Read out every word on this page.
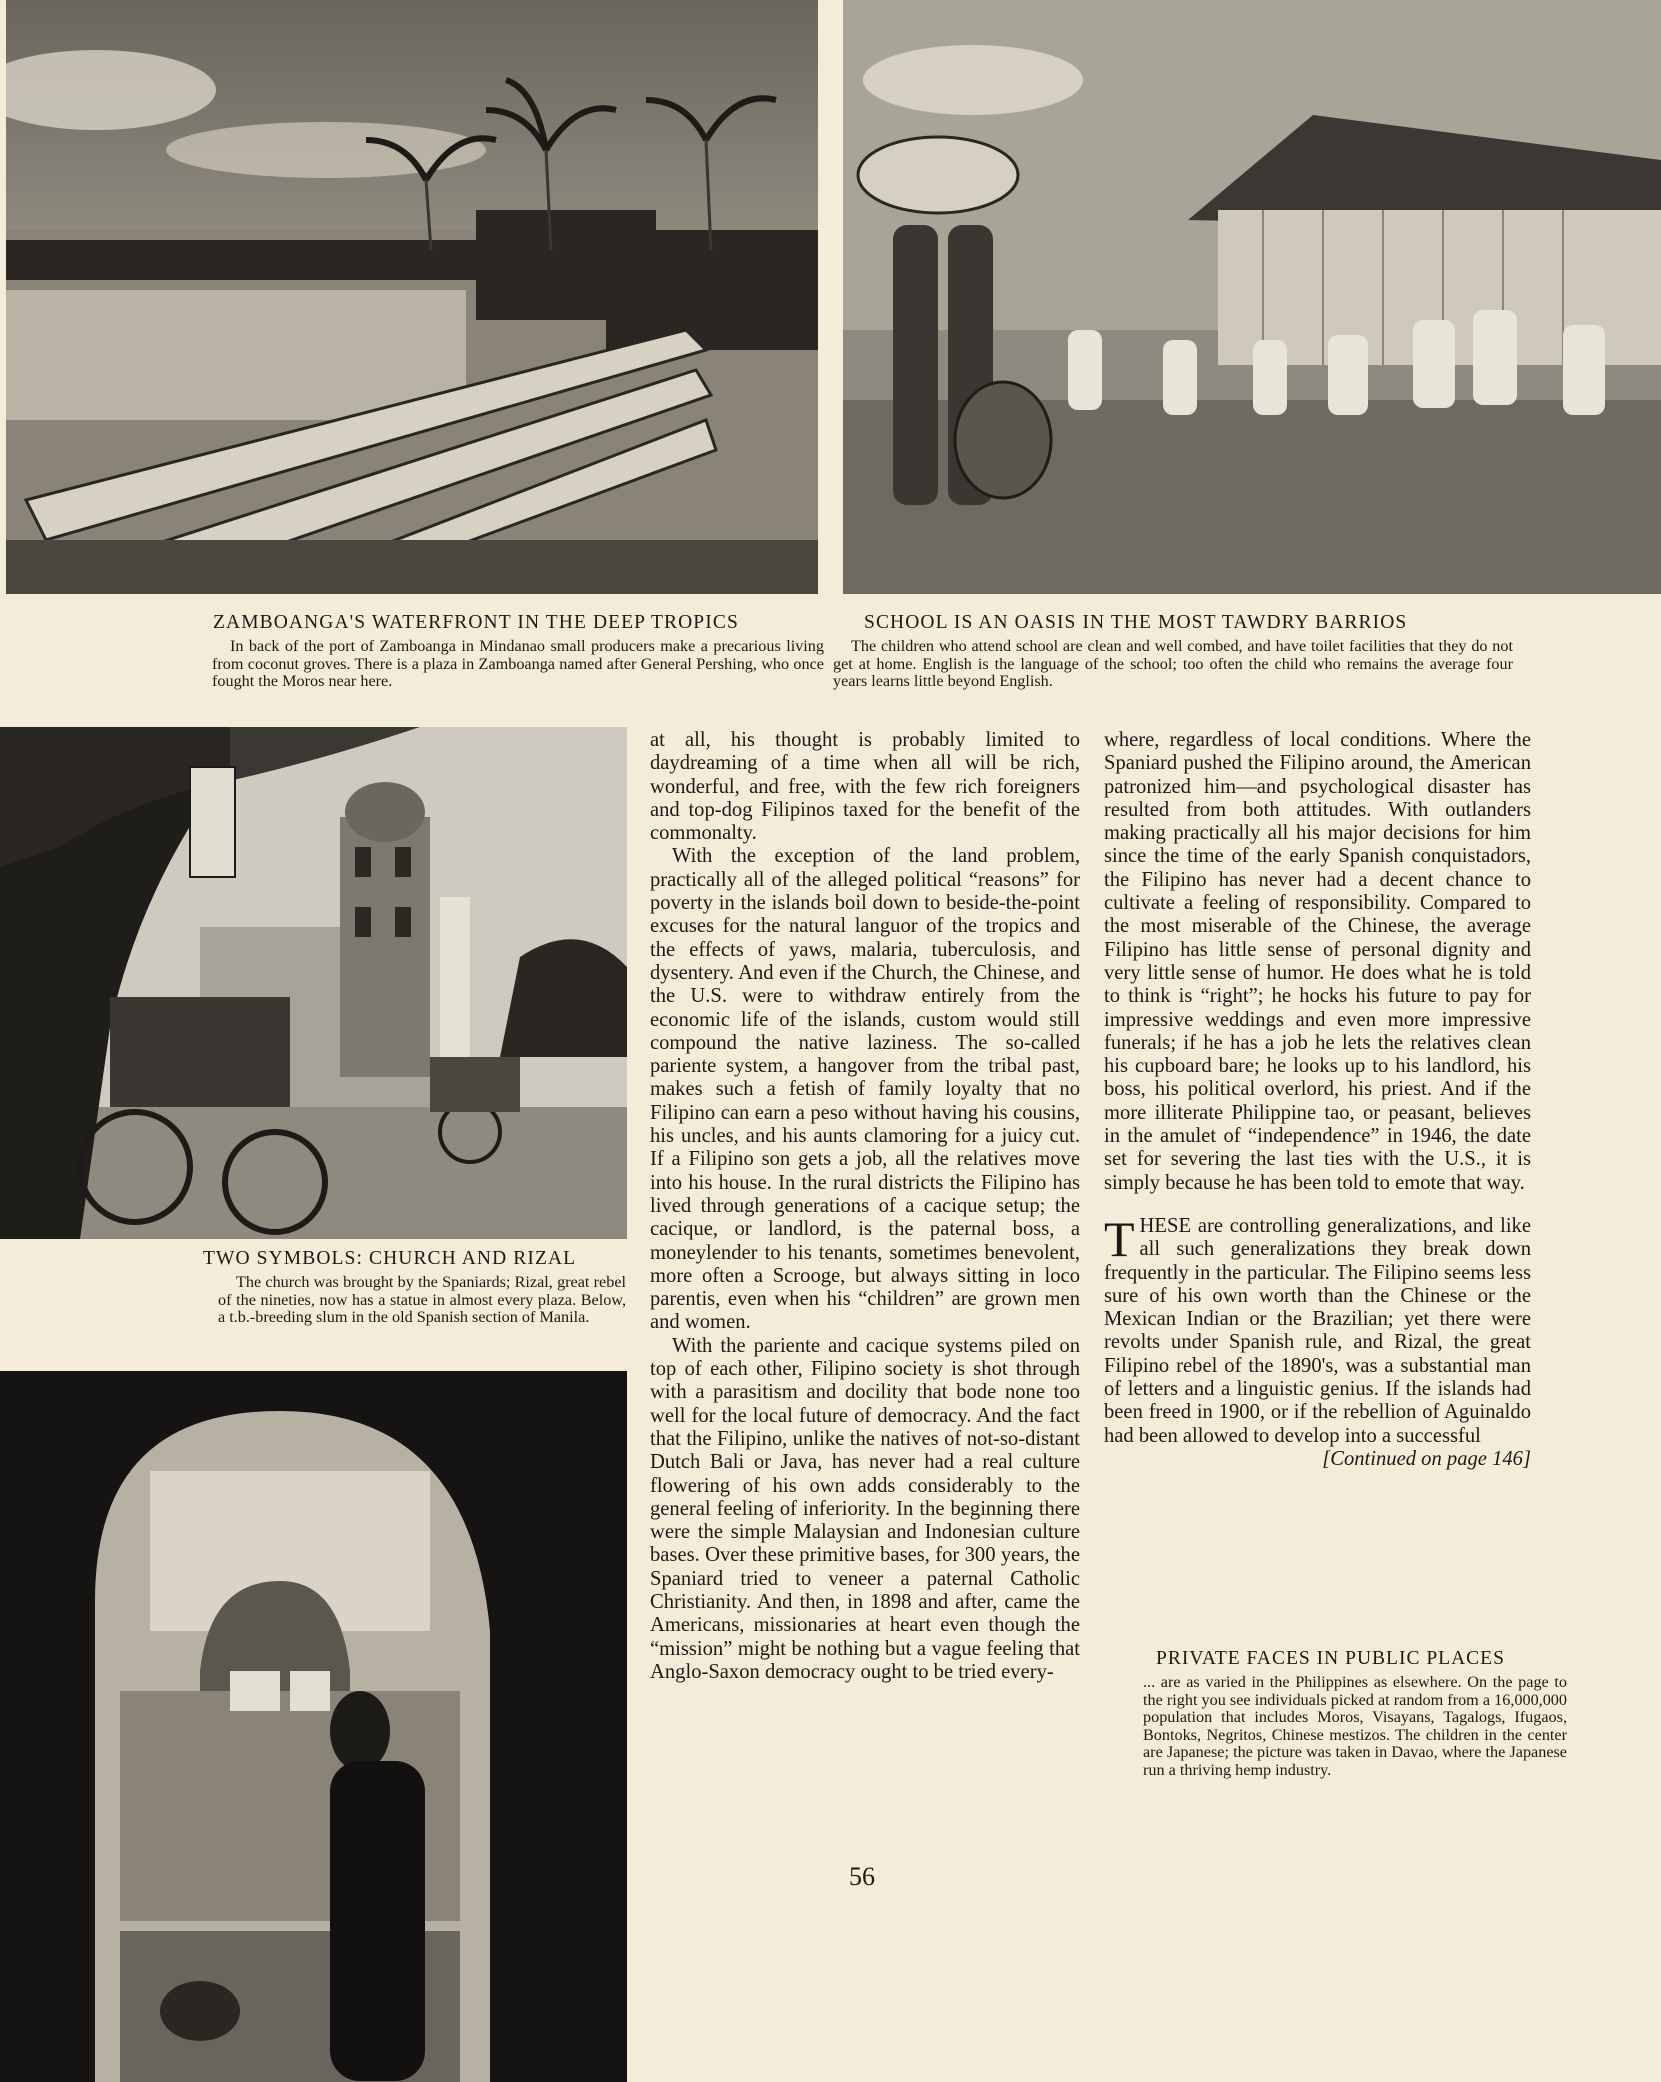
ZAMBOANGA'S WATERFRONT IN THE DEEP TROPICS
In back of the port of Zamboanga in Mindanao small producers make a precarious living from coconut groves. There is a plaza in Zamboanga named after General Pershing, who once fought the Moros near here.
SCHOOL IS AN OASIS IN THE MOST TAWDRY BARRIOS
The children who attend school are clean and well combed, and have toilet facilities that they do not get at home. English is the language of the school; too often the child who remains the average four years learns little beyond English.
TWO SYMBOLS: CHURCH AND RIZAL
The church was brought by the Spaniards; Rizal, great rebel of the nineties, now has a statue in almost every plaza. Below, a t.b.-breeding slum in the old Spanish section of Manila.

at all, his thought is probably limited to daydreaming of a time when all will be rich, wonderful, and free, with the few rich foreigners and top-dog Filipinos taxed for the benefit of the commonalty.

With the exception of the land problem, practically all of the alleged political “reasons” for poverty in the islands boil down to beside-the-point excuses for the natural languor of the tropics and the effects of yaws, malaria, tuberculosis, and dysentery. And even if the Church, the Chinese, and the U.S. were to withdraw entirely from the economic life of the islands, custom would still compound the native laziness. The so-called pariente system, a hangover from the tribal past, makes such a fetish of family loyalty that no Filipino can earn a peso without having his cousins, his uncles, and his aunts clamoring for a juicy cut. If a Filipino son gets a job, all the relatives move into his house. In the rural districts the Filipino has lived through generations of a cacique setup; the cacique, or landlord, is the paternal boss, a moneylender to his tenants, sometimes benevolent, more often a Scrooge, but always sitting in loco parentis, even when his “children” are grown men and women.

With the pariente and cacique systems piled on top of each other, Filipino society is shot through with a parasitism and docility that bode none too well for the local future of democracy. And the fact that the Filipino, unlike the natives of not-so-distant Dutch Bali or Java, has never had a real culture flowering of his own adds considerably to the general feeling of inferiority. In the beginning there were the simple Malaysian and Indonesian culture bases. Over these primitive bases, for 300 years, the Spaniard tried to veneer a paternal Catholic Christianity. And then, in 1898 and after, came the Americans, missionaries at heart even though the “mission” might be nothing but a vague feeling that Anglo-Saxon democracy ought to be tried every-

where, regardless of local conditions. Where the Spaniard pushed the Filipino around, the American patronized him—and psychological disaster has resulted from both attitudes. With outlanders making practically all his major decisions for him since the time of the early Spanish conquistadors, the Filipino has never had a decent chance to cultivate a feeling of responsibility. Compared to the most miserable of the Chinese, the average Filipino has little sense of personal dignity and very little sense of humor. He does what he is told to think is “right”; he hocks his future to pay for impressive weddings and even more impressive funerals; if he has a job he lets the relatives clean his cupboard bare; he looks up to his landlord, his boss, his political overlord, his priest. And if the more illiterate Philippine tao, or peasant, believes in the amulet of “independence” in 1946, the date set for severing the last ties with the U.S., it is simply because he has been told to emote that way.

THESE are controlling generalizations, and like all such generalizations they break down frequently in the particular. The Filipino seems less sure of his own worth than the Chinese or the Mexican Indian or the Brazilian; yet there were revolts under Spanish rule, and Rizal, the great Filipino rebel of the 1890's, was a substantial man of letters and a linguistic genius. If the islands had been freed in 1900, or if the rebellion of Aguinaldo had been allowed to develop into a successful

[Continued on page 146]

PRIVATE FACES IN PUBLIC PLACES
... are as varied in the Philippines as elsewhere. On the page to the right you see individuals picked at random from a 16,000,000 population that includes Moros, Visayans, Tagalogs, Ifugaos, Bontoks, Negritos, Chinese mestizos. The children in the center are Japanese; the picture was taken in Davao, where the Japanese run a thriving hemp industry.
56
